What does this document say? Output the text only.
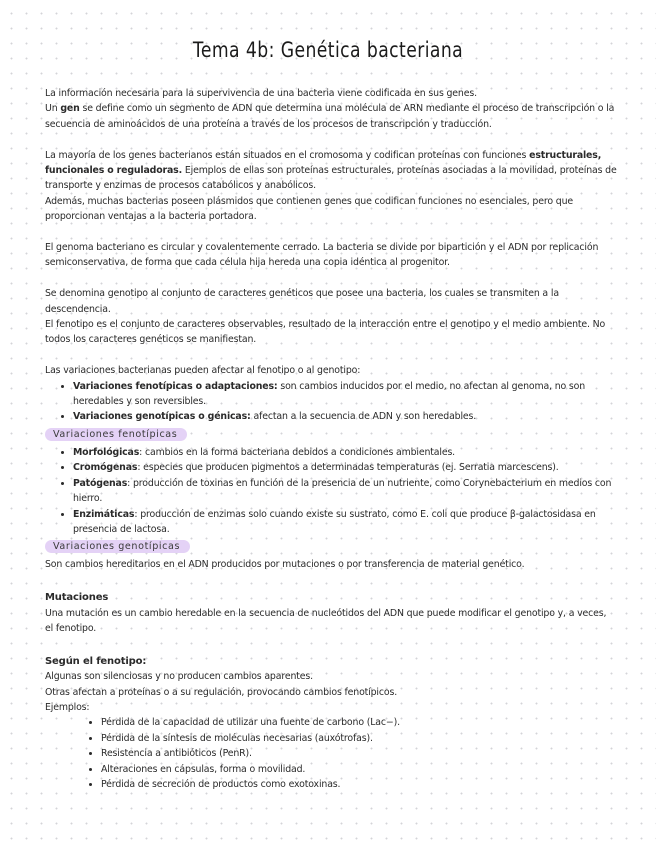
Tema 4b: Genética bacteriana

La información necesaria para la supervivencia de una bacteria viene codificada en sus genes.
Un gen se define como un segmento de ADN que determina una molécula de ARN mediante el proceso de transcripción o la secuencia de aminoácidos de una proteína a través de los procesos de transcripción y traducción.

La mayoría de los genes bacterianos están situados en el cromosoma y codifican proteínas con funciones estructurales, funcionales o reguladoras. Ejemplos de ellas son proteínas estructurales, proteínas asociadas a la movilidad, proteínas de transporte y enzimas de procesos catabólicos y anabólicos.
Además, muchas bacterias poseen plásmidos que contienen genes que codifican funciones no esenciales, pero que proporcionan ventajas a la bacteria portadora.

El genoma bacteriano es circular y covalentemente cerrado. La bacteria se divide por bipartición y el ADN por replicación semiconservativa, de forma que cada célula hija hereda una copia idéntica al progenitor.

Se denomina genotipo al conjunto de caracteres genéticos que posee una bacteria, los cuales se transmiten a la descendencia.
El fenotipo es el conjunto de caracteres observables, resultado de la interacción entre el genotipo y el medio ambiente. No todos los caracteres genéticos se manifiestan.

Las variaciones bacterianas pueden afectar al fenotipo o al genotipo:

• Variaciones fenotípicas o adaptaciones: son cambios inducidos por el medio, no afectan al genoma, no son heredables y son reversibles.
• Variaciones genotípicas o génicas: afectan a la secuencia de ADN y son heredables.
Variaciones fenotípicas
• Morfológicas: cambios en la forma bacteriana debidos a condiciones ambientales.
• Cromógenas: especies que producen pigmentos a determinadas temperaturas (ej. Serratia marcescens).
• Patógenas: producción de toxinas en función de la presencia de un nutriente, como Corynebacterium en medios con hierro.
• Enzimáticas: producción de enzimas solo cuando existe su sustrato, como E. coli que produce β-galactosidasa en presencia de lactosa.
Variaciones genotípicas

Son cambios hereditarios en el ADN producidos por mutaciones o por transferencia de material genético.

Mutaciones

Una mutación es un cambio heredable en la secuencia de nucleótidos del ADN que puede modificar el genotipo y, a veces, el fenotipo.

Según el fenotipo:

Algunas son silenciosas y no producen cambios aparentes.

Otras afectan a proteínas o a su regulación, provocando cambios fenotípicos.

Ejemplos:

• Pérdida de la capacidad de utilizar una fuente de carbono (Lac−).
• Pérdida de la síntesis de moléculas necesarias (auxótrofas).
• Resistencia a antibióticos (PenR).
• Alteraciones en cápsulas, forma o movilidad.
• Pérdida de secreción de productos como exotoxinas.
